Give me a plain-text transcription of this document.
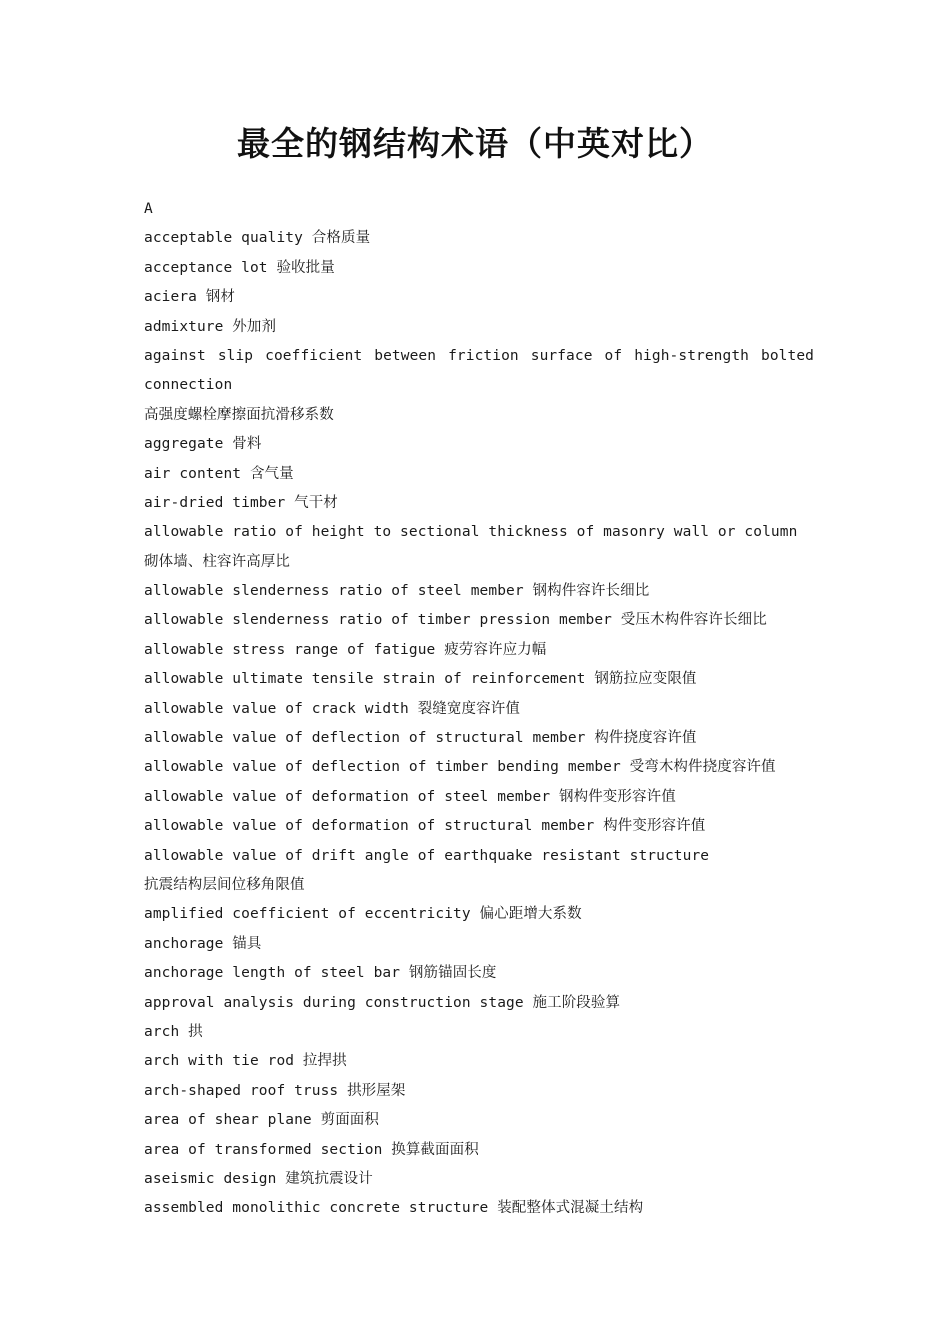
最全的钢结构术语（中英对比）
A
acceptable quality 合格质量
acceptance lot 验收批量
aciera 钢材
admixture 外加剂
against slip coefficient between friction surface of high-strength bolted
connection
高强度螺栓摩擦面抗滑移系数
aggregate 骨料
air content 含气量
air-dried timber 气干材
allowable ratio of height to sectional thickness of masonry wall or column
砌体墙、柱容许高厚比
allowable slenderness ratio of steel member 钢构件容许长细比
allowable slenderness ratio of timber pression member 受压木构件容许长细比
allowable stress range of fatigue 疲劳容许应力幅
allowable ultimate tensile strain of reinforcement 钢筋拉应变限值
allowable value of crack width 裂缝宽度容许值
allowable value of deflection of structural member 构件挠度容许值
allowable value of deflection of timber bending member 受弯木构件挠度容许值
allowable value of deformation of steel member 钢构件变形容许值
allowable value of deformation of structural member 构件变形容许值
allowable value of drift angle of earthquake resistant structure
抗震结构层间位移角限值
amplified coefficient of eccentricity 偏心距增大系数
anchorage 锚具
anchorage length of steel bar 钢筋锚固长度
approval analysis during construction stage 施工阶段验算
arch 拱
arch with tie rod 拉捍拱
arch-shaped roof truss 拱形屋架
area of shear plane 剪面面积
area of transformed section 换算截面面积
aseismic design 建筑抗震设计
assembled monolithic concrete structure 装配整体式混凝土结构
